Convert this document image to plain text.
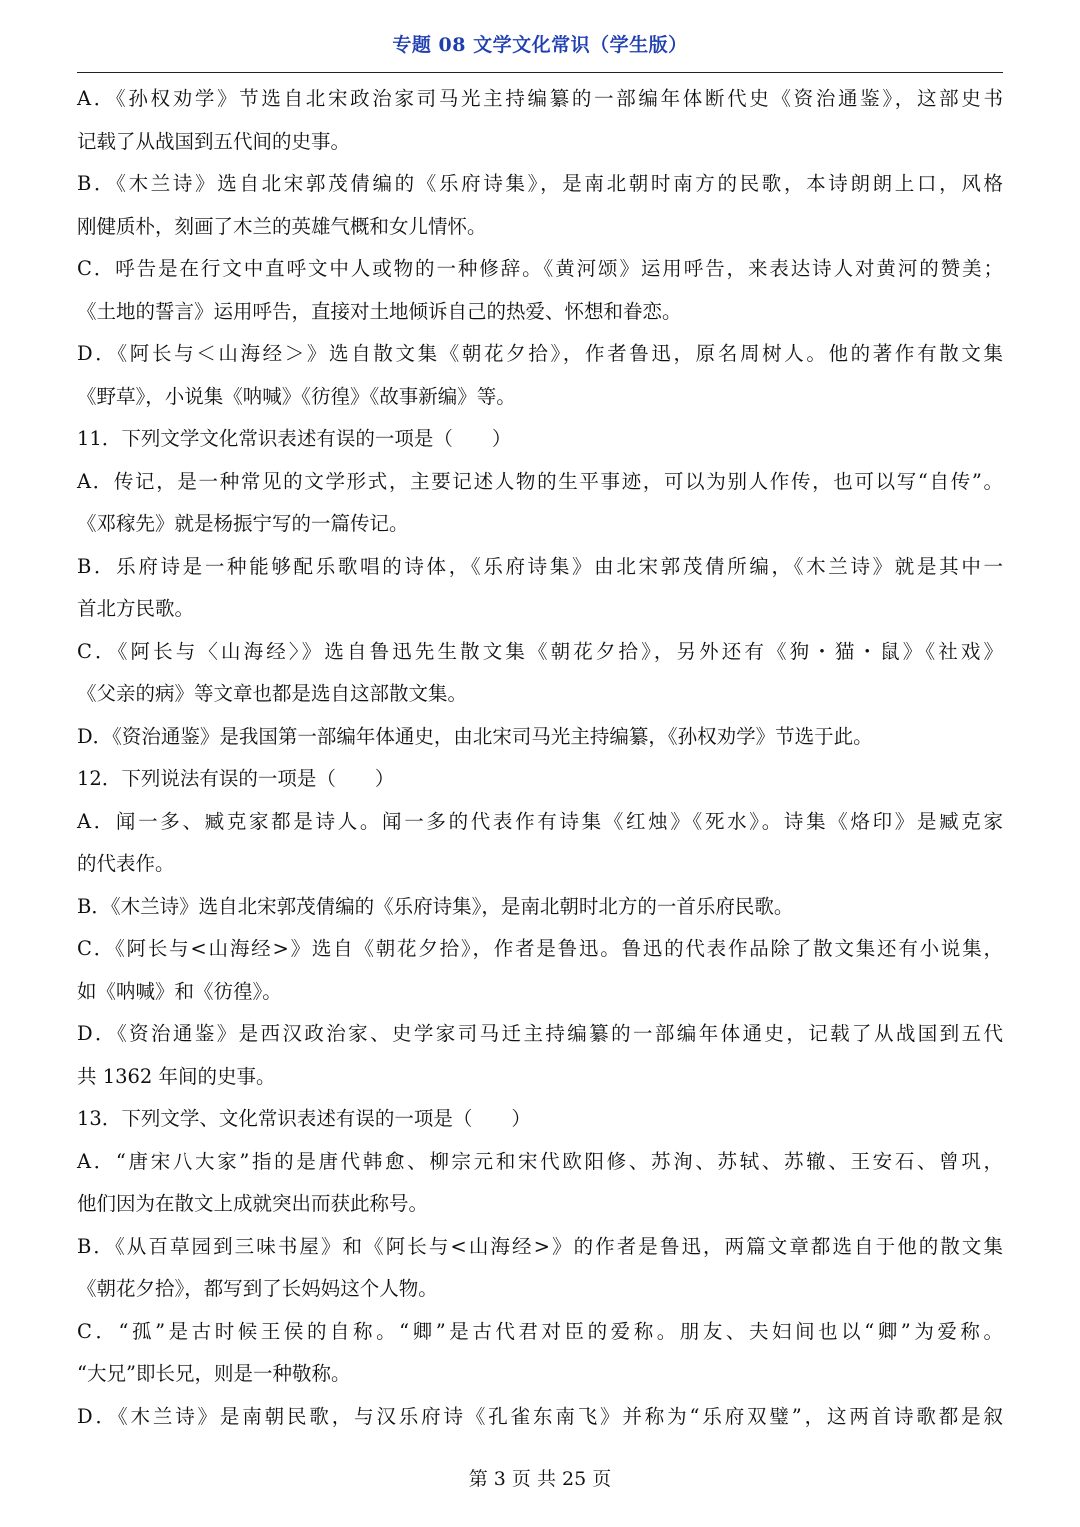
专题 08 文学文化常识（学生版）
A．《孙权劝学》节选自北宋政治家司马光主持编纂的一部编年体断代史《资治通鉴》，这部史书
记载了从战国到五代间的史事。
B．《木兰诗》选自北宋郭茂倩编的《乐府诗集》，是南北朝时南方的民歌，本诗朗朗上口，风格
刚健质朴，刻画了木兰的英雄气概和女儿情怀。
C．呼告是在行文中直呼文中人或物的一种修辞。《黄河颂》运用呼告，来表达诗人对黄河的赞美；
《土地的誓言》运用呼告，直接对土地倾诉自己的热爱、怀想和眷恋。
D．《阿长与＜山海经＞》选自散文集《朝花夕拾》，作者鲁迅，原名周树人。他的著作有散文集
《野草》，小说集《呐喊》《彷徨》《故事新编》等。
11．下列文学文化常识表述有误的一项是（　　）
A．传记，是一种常见的文学形式，主要记述人物的生平事迹，可以为别人作传，也可以写“自传”。
《邓稼先》就是杨振宁写的一篇传记。
B．乐府诗是一种能够配乐歌唱的诗体，《乐府诗集》由北宋郭茂倩所编，《木兰诗》就是其中一
首北方民歌。
C．《阿长与〈山海经〉》选自鲁迅先生散文集《朝花夕拾》，另外还有《狗・猫・鼠》《社戏》
《父亲的病》等文章也都是选自这部散文集。
D．《资治通鉴》是我国第一部编年体通史，由北宋司马光主持编纂，《孙权劝学》节选于此。
12．下列说法有误的一项是（　　）
A．闻一多、臧克家都是诗人。闻一多的代表作有诗集《红烛》《死水》。诗集《烙印》是臧克家
的代表作。
B．《木兰诗》选自北宋郭茂倩编的《乐府诗集》，是南北朝时北方的一首乐府民歌。
C．《阿长与<山海经>》选自《朝花夕拾》，作者是鲁迅。鲁迅的代表作品除了散文集还有小说集，
如《呐喊》和《彷徨》。
D．《资治通鉴》是西汉政治家、史学家司马迁主持编纂的一部编年体通史，记载了从战国到五代
共 1362 年间的史事。
13．下列文学、文化常识表述有误的一项是（　　）
A．“唐宋八大家”指的是唐代韩愈、柳宗元和宋代欧阳修、苏洵、苏轼、苏辙、王安石、曾巩，
他们因为在散文上成就突出而获此称号。
B．《从百草园到三味书屋》和《阿长与<山海经>》的作者是鲁迅，两篇文章都选自于他的散文集
《朝花夕拾》，都写到了长妈妈这个人物。
C．“孤”是古时候王侯的自称。“卿”是古代君对臣的爱称。朋友、夫妇间也以“卿”为爱称。
“大兄”即长兄，则是一种敬称。
D．《木兰诗》是南朝民歌，与汉乐府诗《孔雀东南飞》并称为“乐府双璧”，这两首诗歌都是叙
第 3 页 共 25 页
